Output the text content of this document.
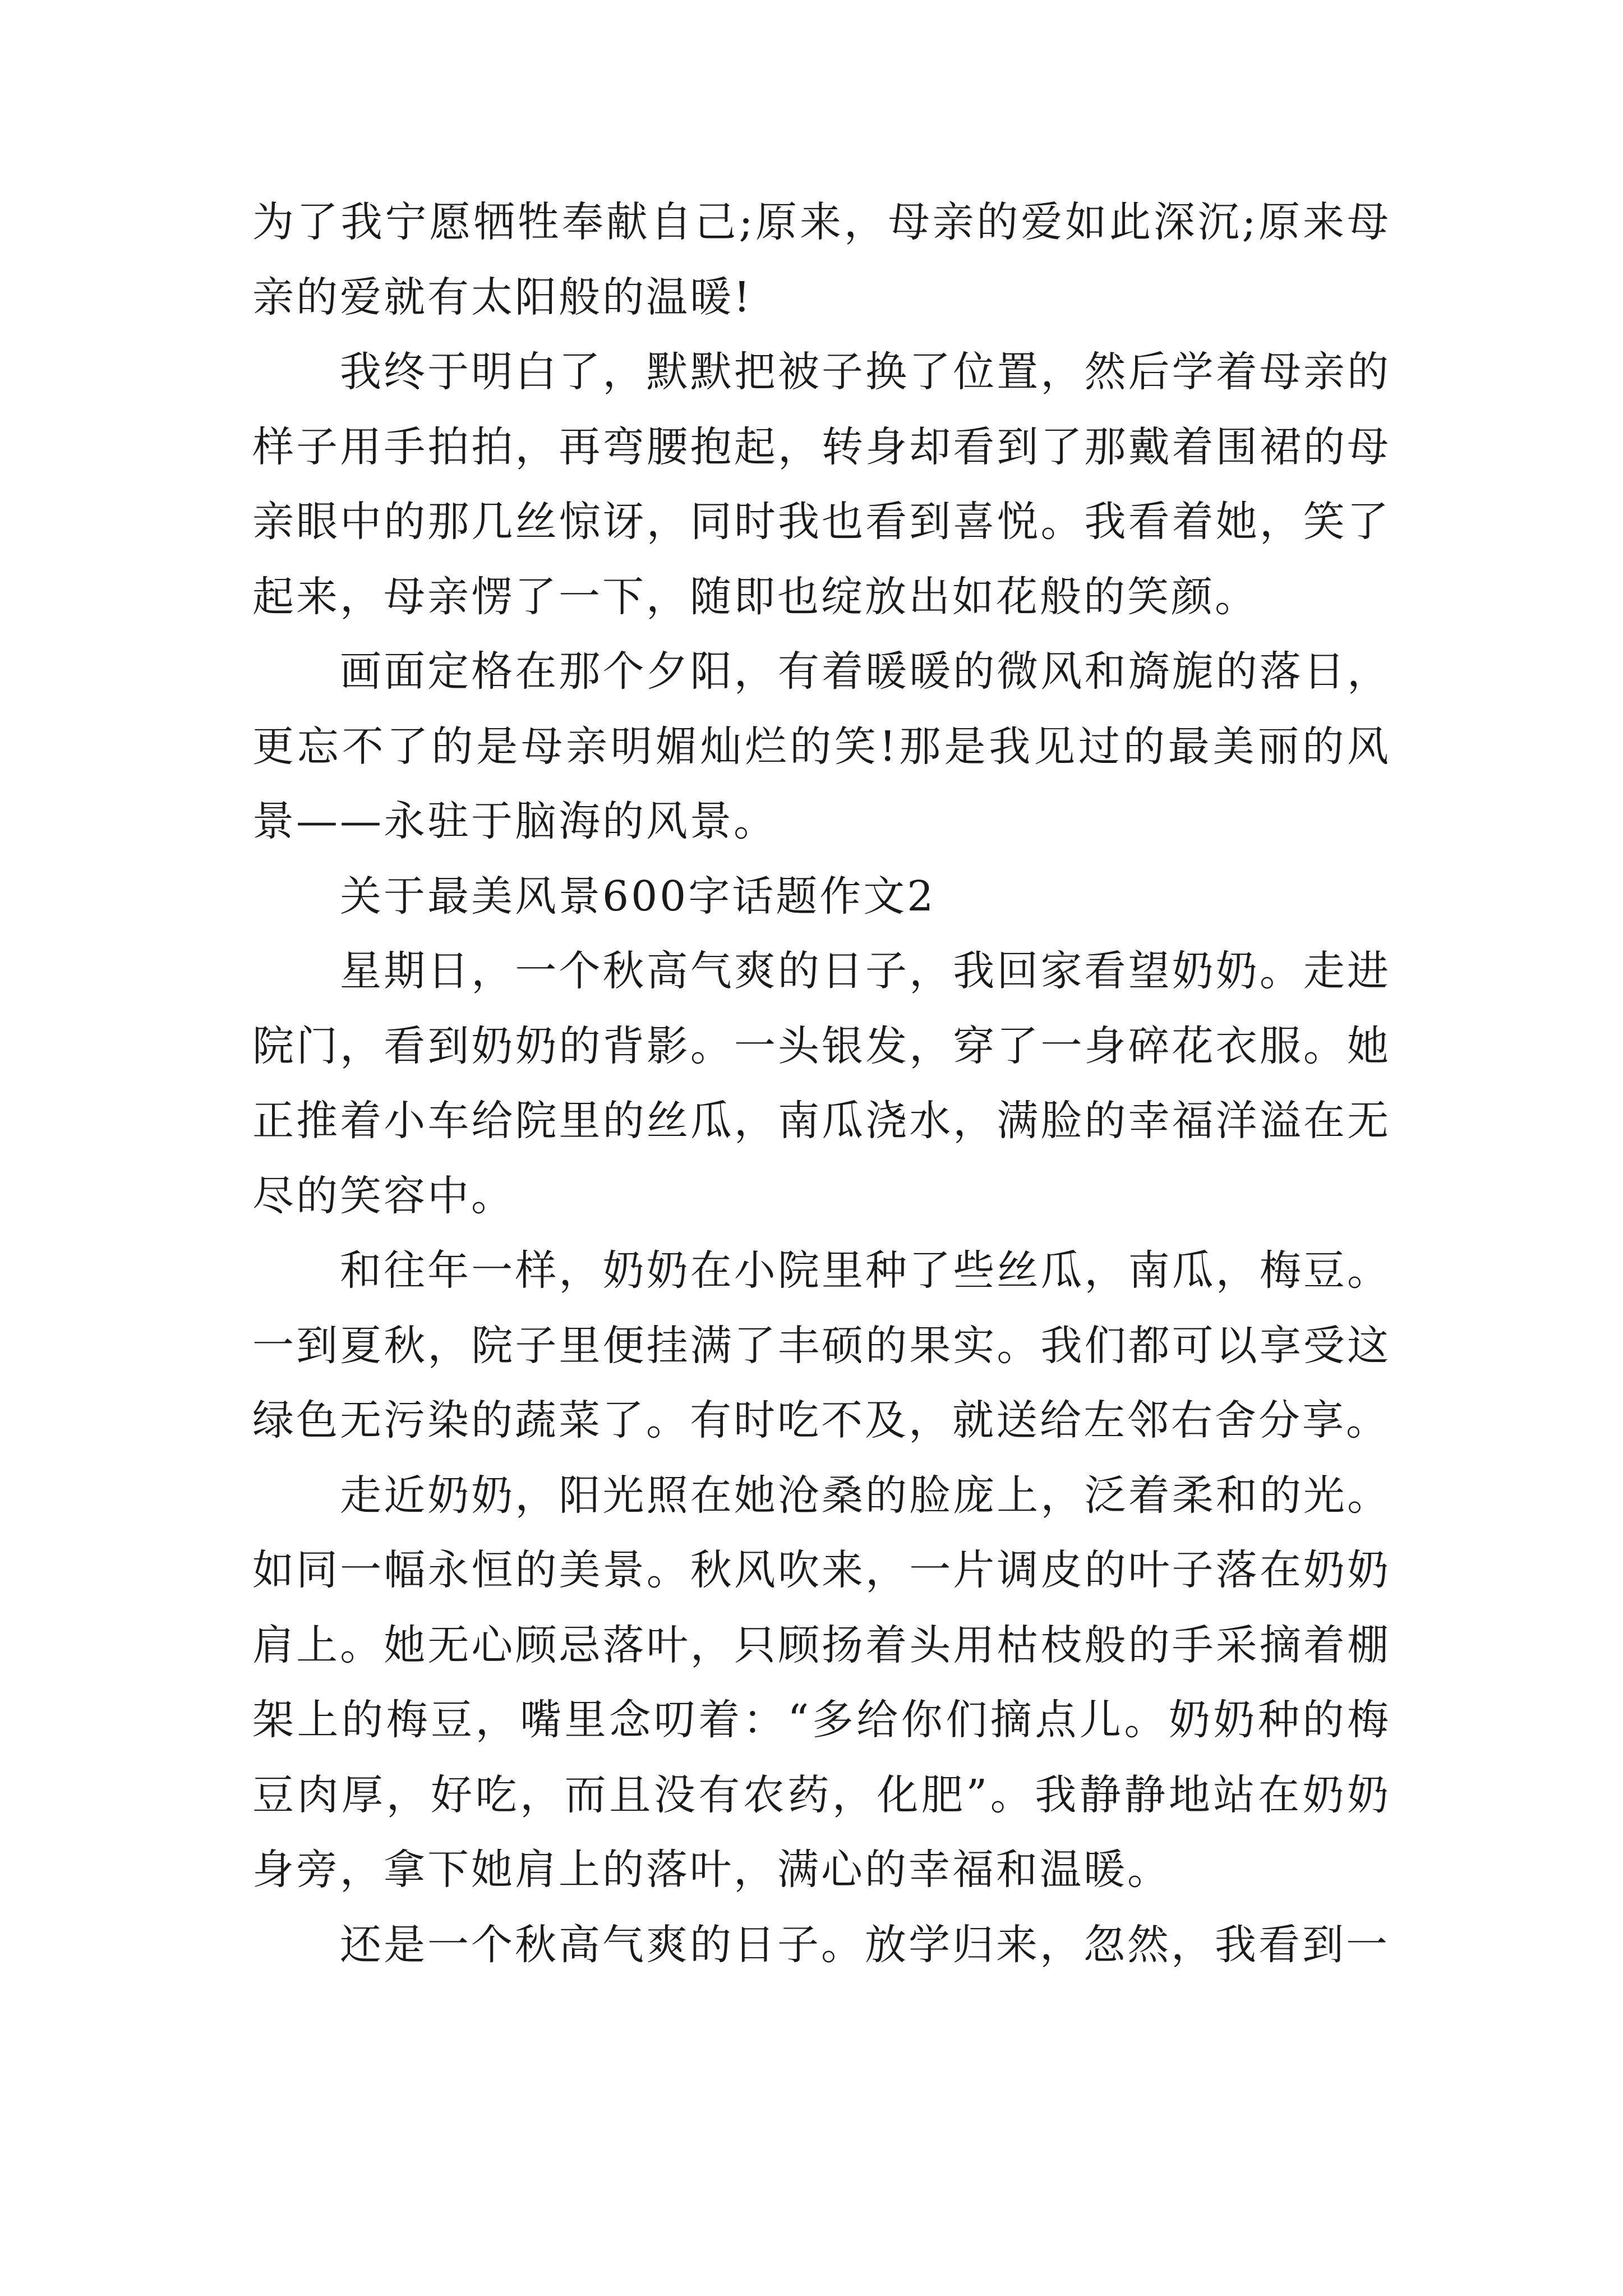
为了我宁愿牺牲奉献自己;原来，母亲的爱如此深沉;原来母亲的爱就有太阳般的温暖!

我终于明白了，默默把被子换了位置，然后学着母亲的样子用手拍拍，再弯腰抱起，转身却看到了那戴着围裙的母亲眼中的那几丝惊讶，同时我也看到喜悦。我看着她，笑了起来，母亲愣了一下，随即也绽放出如花般的笑颜。

画面定格在那个夕阳，有着暖暖的微风和旖旎的落日，更忘不了的是母亲明媚灿烂的笑!那是我见过的最美丽的风景——永驻于脑海的风景。

关于最美风景600字话题作文2

星期日，一个秋高气爽的日子，我回家看望奶奶。走进院门，看到奶奶的背影。一头银发，穿了一身碎花衣服。她正推着小车给院里的丝瓜，南瓜浇水，满脸的幸福洋溢在无尽的笑容中。

和往年一样，奶奶在小院里种了些丝瓜，南瓜，梅豆。一到夏秋，院子里便挂满了丰硕的果实。我们都可以享受这绿色无污染的蔬菜了。有时吃不及，就送给左邻右舍分享。

走近奶奶，阳光照在她沧桑的脸庞上，泛着柔和的光。如同一幅永恒的美景。秋风吹来，一片调皮的叶子落在奶奶肩上。她无心顾忌落叶，只顾扬着头用枯枝般的手采摘着棚架上的梅豆，嘴里念叨着：“多给你们摘点儿。奶奶种的梅豆肉厚，好吃，而且没有农药，化肥”。我静静地站在奶奶身旁，拿下她肩上的落叶，满心的幸福和温暖。

还是一个秋高气爽的日子。放学归来，忽然，我看到一
